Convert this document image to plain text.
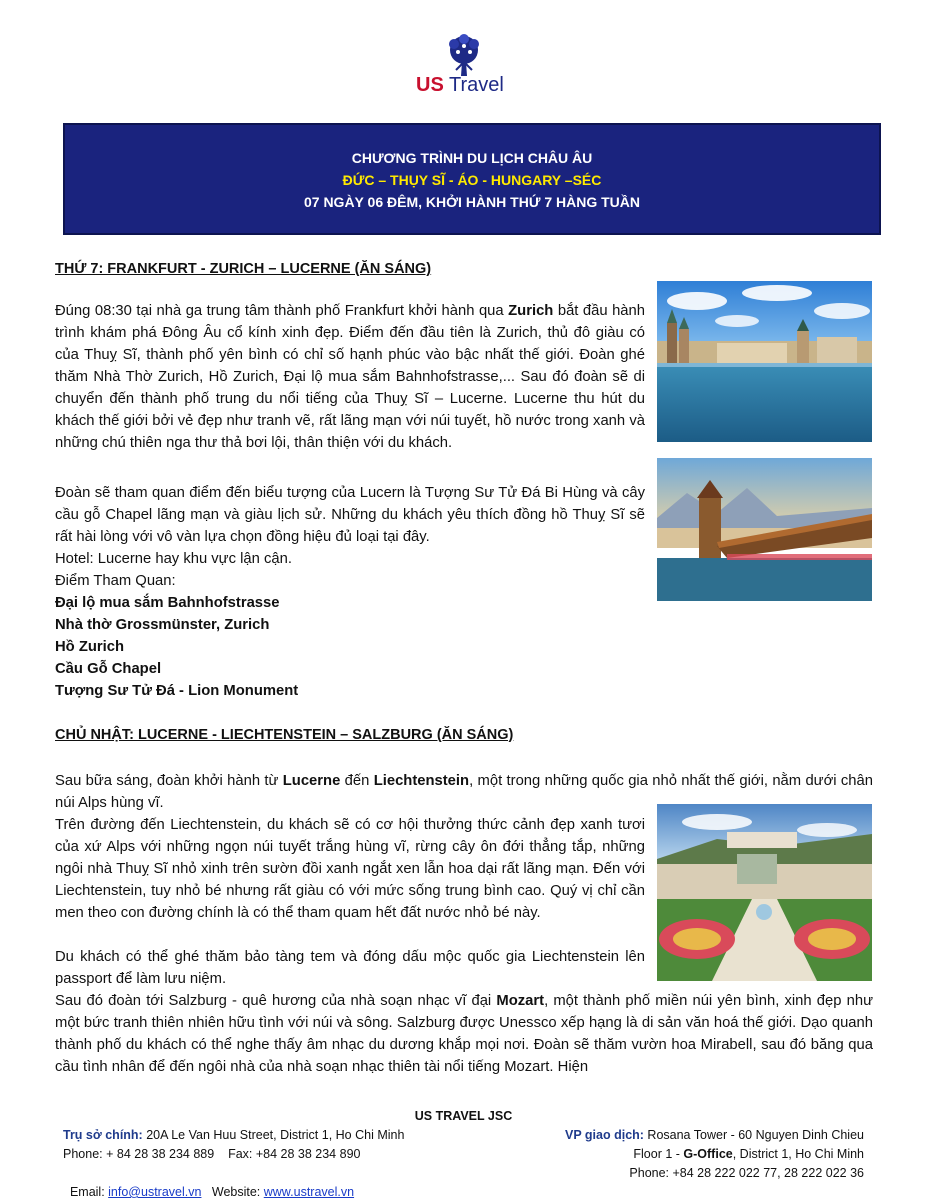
US Travel
CHƯƠNG TRÌNH DU LỊCH CHÂU ÂU
ĐỨC – THỤY SĨ - ÁO - HUNGARY –SÉC
07 NGÀY 06 ĐÊM, KHỞI HÀNH THỨ 7 HÀNG TUẦN
THỨ 7: FRANKFURT - ZURICH – LUCERNE (ĂN SÁNG)
Đúng 08:30 tại nhà ga trung tâm thành phố Frankfurt khởi hành qua Zurich bắt đầu hành trình khám phá Đông Âu cổ kính xinh đẹp. Điểm đến đầu tiên là Zurich, thủ đô giàu có của Thuỵ Sĩ, thành phố yên bình có chỉ số hạnh phúc vào bậc nhất thế giới. Đoàn ghé thăm Nhà Thờ Zurich, Hồ Zurich, Đại lộ mua sắm Bahnhofstrasse,... Sau đó đoàn sẽ di chuyển đến thành phố trung du nổi tiếng của Thuỵ Sĩ – Lucerne. Lucerne thu hút du khách thế giới bởi vẻ đẹp như tranh vẽ, rất lãng mạn với núi tuyết, hồ nước trong xanh và những chú thiên nga thư thả bơi lội, thân thiện với du khách.
Đoàn sẽ tham quan điểm đến biểu tượng của Lucern là Tượng Sư Tử Đá Bi Hùng và cây cầu gỗ Chapel lãng mạn và giàu lịch sử. Những du khách yêu thích đồng hồ Thuỵ Sĩ sẽ rất hài lòng với vô vàn lựa chọn đồng hiệu đủ loại tại đây.
Hotel: Lucerne hay khu vực lận cận.
Điểm Tham Quan:
Đại lộ mua sắm Bahnhofstrasse
Nhà thờ Grossmünster, Zurich
Hồ Zurich
Cầu Gỗ Chapel
Tượng Sư Tử Đá - Lion Monument
CHỦ NHẬT: LUCERNE - LIECHTENSTEIN – SALZBURG (ĂN SÁNG)
Sau bữa sáng, đoàn khởi hành từ Lucerne đến Liechtenstein, một trong những quốc gia nhỏ nhất thế giới, nằm dưới chân núi Alps hùng vĩ.
Trên đường đến Liechtenstein, du khách sẽ có cơ hội thưởng thức cảnh đẹp xanh tươi của xứ Alps với những ngọn núi tuyết trắng hùng vĩ, rừng cây ôn đới thẳng tắp, những ngôi nhà Thuỵ Sĩ nhỏ xinh trên sườn đồi xanh ngắt xen lẫn hoa dại rất lãng mạn. Đến với Liechtenstein, tuy nhỏ bé nhưng rất giàu có với mức sống trung bình cao. Quý vị chỉ cần men theo con đường chính là có thể tham quam hết đất nước nhỏ bé này.
Du khách có thể ghé thăm bảo tàng tem và đóng dấu mộc quốc gia Liechtenstein lên passport để làm lưu niệm.
Sau đó đoàn tới Salzburg - quê hương của nhà soạn nhạc vĩ đại Mozart, một thành phố miền núi yên bình, xinh đẹp như một bức tranh thiên nhiên hữu tình với núi và sông. Salzburg được Unessco xếp hạng là di sản văn hoá thế giới. Dạo quanh thành phố du khách có thể nghe thấy âm nhạc du dương khắp mọi nơi. Đoàn sẽ thăm vườn hoa Mirabell, sau đó băng qua cầu tình nhân để đến ngôi nhà của nhà soạn nhạc thiên tài nổi tiếng Mozart. Hiện
US TRAVEL JSC
Trụ sở chính: 20A Le Van Huu Street, District 1, Ho Chi Minh
Phone: + 84 28 38 234 889    Fax: +84 28 38 234 890

Email: info@ustravel.vn   Website: www.ustravel.vn

VP giao dịch: Rosana Tower - 60 Nguyen Dinh Chieu
Floor 1 - G-Office, District 1, Ho Chi Minh
Phone: +84 28 222 022 77, 28 222 022 36
